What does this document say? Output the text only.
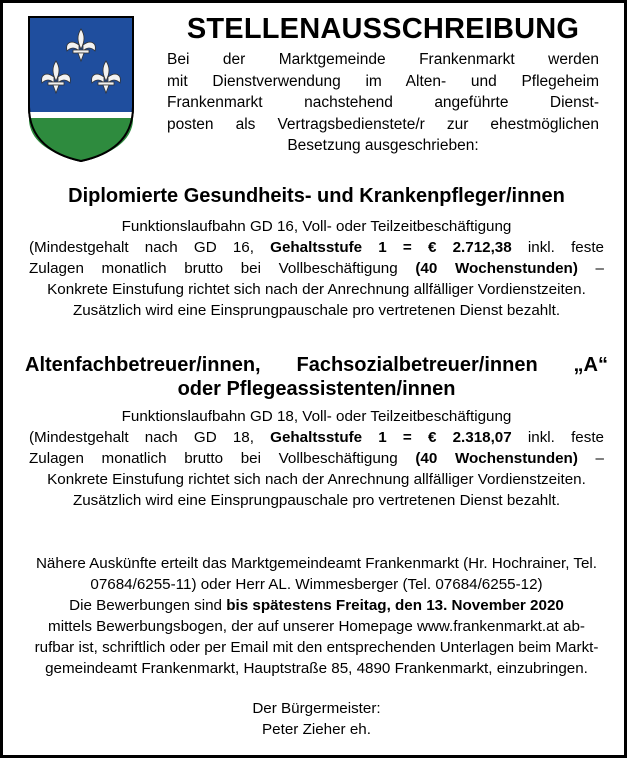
STELLENAUSSCHREIBUNG
Bei der Marktgemeinde Frankenmarkt werden
mit Dienstverwendung im Alten- und Pflegeheim
Frankenmarkt nachstehend angeführte Dienst-
posten als Vertragsbedienstete/r zur ehestmöglichen
Besetzung ausgeschrieben:
Diplomierte Gesundheits- und Krankenpfleger/innen
Funktionslaufbahn GD 16, Voll- oder Teilzeitbeschäftigung
(Mindestgehalt nach GD 16, Gehaltsstufe 1 = € 2.712,38 inkl. feste
Zulagen monatlich brutto bei Vollbeschäftigung (40 Wochenstunden) –
Konkrete Einstufung richtet sich nach der Anrechnung allfälliger Vordienstzeiten.
Zusätzlich wird eine Einsprungpauschale pro vertretenen Dienst bezahlt.
Altenfachbetreuer/innen, Fachsozialbetreuer/innen „A“
oder Pflegeassistenten/innen
Funktionslaufbahn GD 18, Voll- oder Teilzeitbeschäftigung
(Mindestgehalt nach GD 18, Gehaltsstufe 1 = € 2.318,07 inkl. feste
Zulagen monatlich brutto bei Vollbeschäftigung (40 Wochenstunden) –
Konkrete Einstufung richtet sich nach der Anrechnung allfälliger Vordienstzeiten.
Zusätzlich wird eine Einsprungpauschale pro vertretenen Dienst bezahlt.
Nähere Auskünfte erteilt das Marktgemeindeamt Frankenmarkt (Hr. Hochrainer, Tel.
07684/6255-11) oder Herr AL. Wimmesberger (Tel. 07684/6255-12)
Die Bewerbungen sind bis spätestens Freitag, den 13. November 2020
mittels Bewerbungsbogen, der auf unserer Homepage www.frankenmarkt.at ab-
rufbar ist, schriftlich oder per Email mit den entsprechenden Unterlagen beim Markt-
gemeindeamt Frankenmarkt, Hauptstraße 85, 4890 Frankenmarkt, einzubringen.
Der Bürgermeister:
Peter Zieher eh.
